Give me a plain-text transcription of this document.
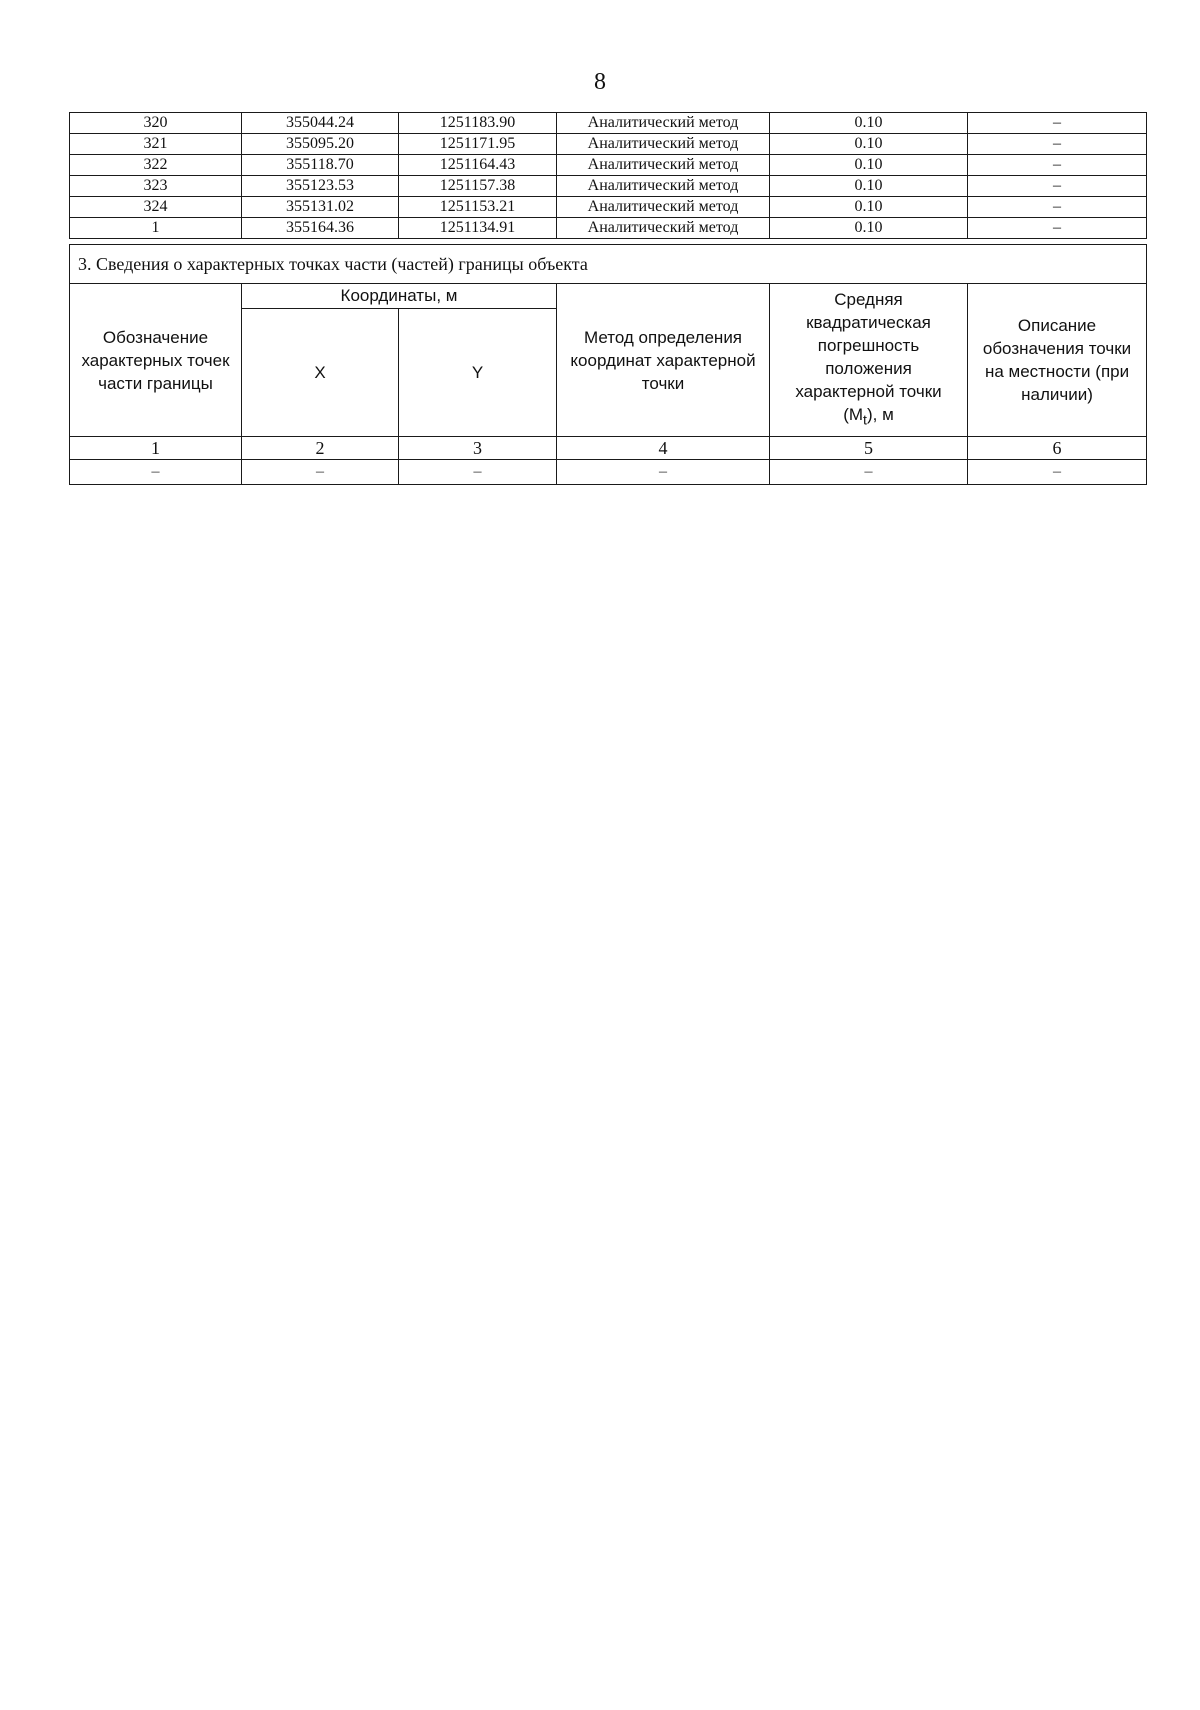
8
320	355044.24	1251183.90	Аналитический метод	0.10	–
321	355095.20	1251171.95	Аналитический метод	0.10	–
322	355118.70	1251164.43	Аналитический метод	0.10	–
323	355123.53	1251157.38	Аналитический метод	0.10	–
324	355131.02	1251153.21	Аналитический метод	0.10	–
1	355164.36	1251134.91	Аналитический метод	0.10	–
3. Сведения о характерных точках части (частей) границы объекта					
Обозначение характерных точек части границы	Координаты, м		Метод определения координат характерной точки	Средняя квадратическая погрешность положения характерной точки $(M_t)$, м	Описание обозначения точки на местности (при наличии)
	X	Y			
1	2	3	4	5	6
–	–	–	–	–	–
